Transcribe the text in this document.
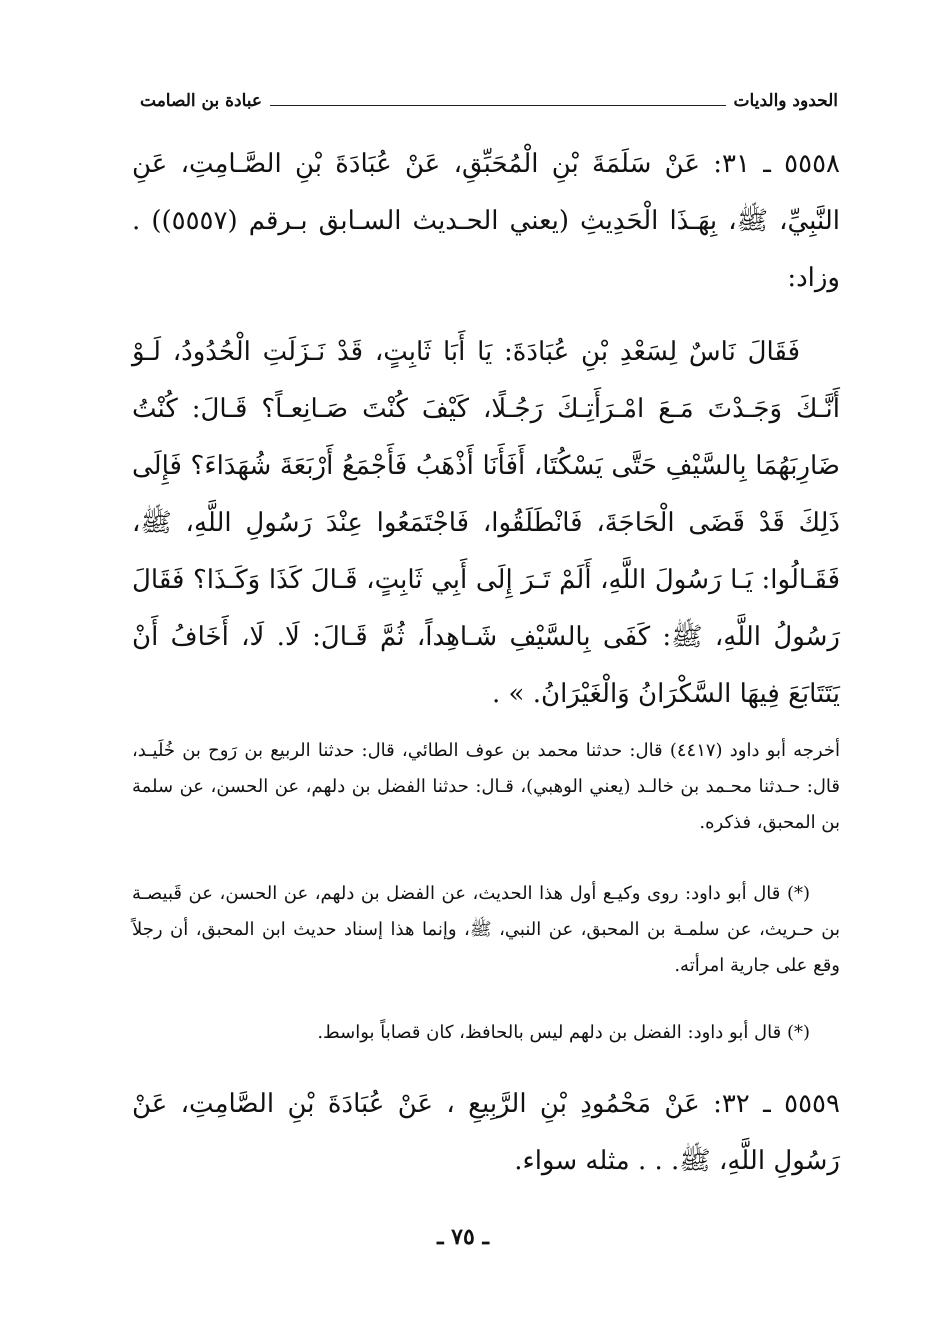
الحدود والديات
عبادة بن الصامت
٥٥٥٨ ـ ٣١: عَنْ سَلَمَةَ بْنِ الْمُحَبِّقِ، عَنْ عُبَادَةَ بْنِ الصَّـامِتِ، عَنِ النَّبِيِّ، ﷺ، بِهَـذَا الْحَدِيثِ (يعني الحـديث السـابق بـرقم (٥٥٥٧)) . وزاد:
فَقَالَ نَاسٌ لِسَعْدِ بْنِ عُبَادَةَ: يَا أَبَا ثَابِتٍ، قَدْ نَـزَلَتِ الْحُدُودُ، لَـوْ أَنَّـكَ وَجَـدْتَ مَـعَ امْـرَأَتِـكَ رَجُـلًا، كَيْفَ كُنْتَ صَـانِعـاً؟ قَـالَ: كُنْتُ ضَارِبَهُمَا بِالسَّيْفِ حَتَّى يَسْكُتَا، أَفَأَنَا أَذْهَبُ فَأَجْمَعُ أَرْبَعَةَ شُهَدَاءَ؟ فَإِلَى ذَلِكَ قَدْ قَضَى الْحَاجَةَ، فَانْطَلَقُوا، فَاجْتَمَعُوا عِنْدَ رَسُولِ اللَّهِ، ﷺ، فَقَـالُوا: يَـا رَسُولَ اللَّهِ، أَلَمْ تَـرَ إِلَى أَبِي ثَابِتٍ، قَـالَ كَذَا وَكَـذَا؟ فَقَالَ رَسُولُ اللَّهِ، ﷺ: كَفَى بِالسَّيْفِ شَـاهِداً، ثُمَّ قَـالَ: لَا. لَا، أَخَافُ أَنْ يَتَتَابَعَ فِيهَا السَّكْرَانُ وَالْغَيْرَانُ. » .
أخرجه أبو داود (٤٤١٧) قال: حدثنا محمد بن عوف الطائي، قال: حدثنا الربيع بن رَوح بن خُلَيـد، قال: حـدثنا محـمد بن خالـد (يعني الوهبي)، قـال: حدثنا الفضل بن دلهم، عن الحسن، عن سلمة بن المحبق، فذكره.
(*) قال أبو داود: روى وكيـع أول هذا الحديث، عن الفضل بن دلهم، عن الحسن، عن قَبيصـة بن حـريث، عن سلمـة بن المحبق، عن النبي، ﷺ، وإنما هذا إسناد حديث ابن المحبق، أن رجلاً وقع على جارية امرأته.
(*) قال أبو داود: الفضل بن دلهم ليس بالحافظ، كان قصاباً بواسط.
٥٥٥٩ ـ ٣٢: عَنْ مَحْمُودِ بْنِ الرَّبِيعِ ، عَنْ عُبَادَةَ بْنِ الصَّامِتِ، عَنْ رَسُولِ اللَّهِ، ﷺ. . . مثله سواء.
ـ ٧٥ ـ
